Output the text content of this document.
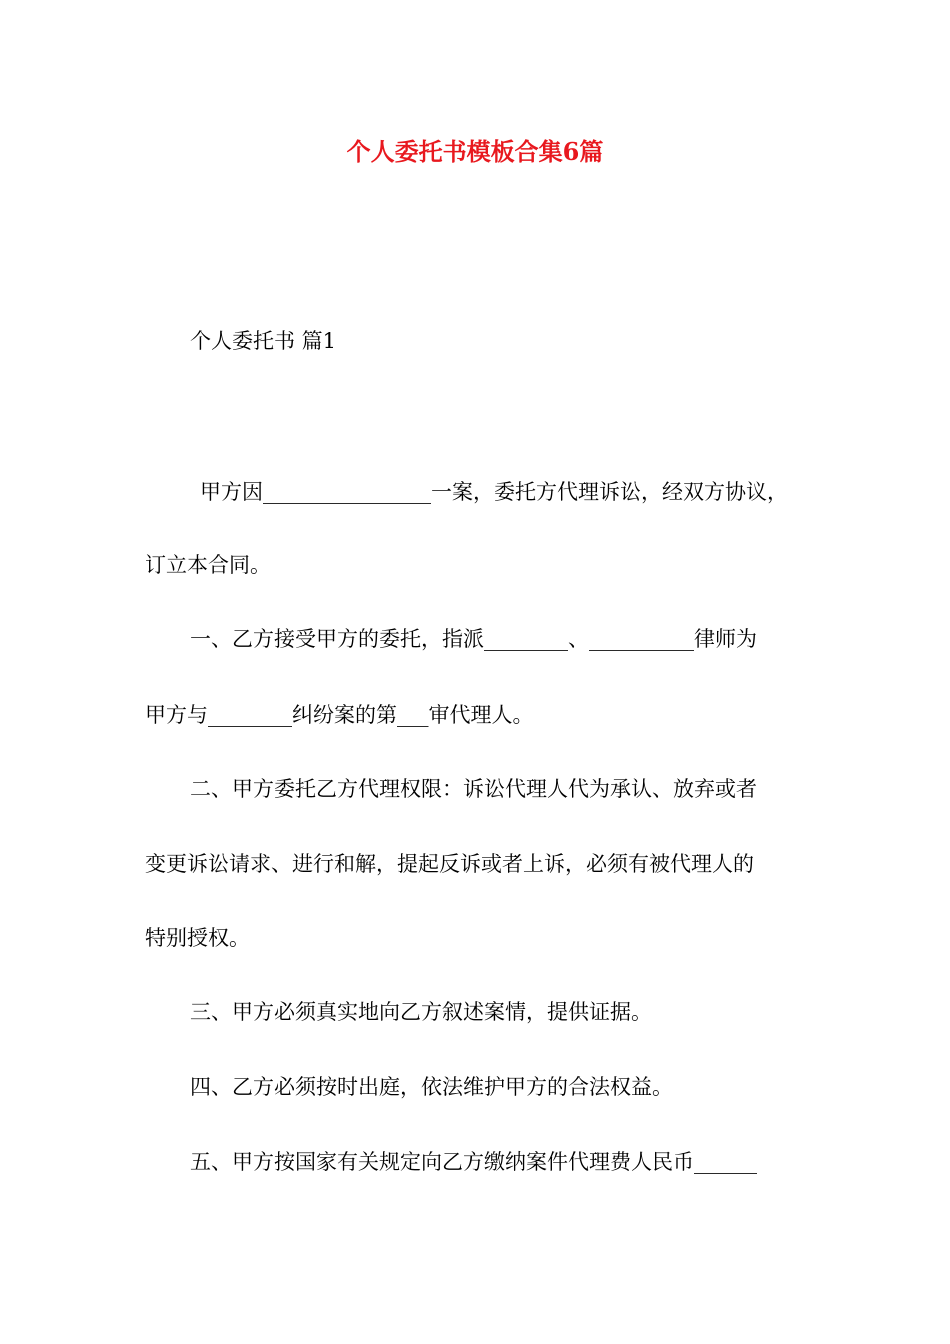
个人委托书模板合集6篇
个人委托书 篇1
甲方因________________一案，委托方代理诉讼，经双方协议，
订立本合同。
一、乙方接受甲方的委托，指派________、__________律师为
甲方与________纠纷案的第___审代理人。
二、甲方委托乙方代理权限：诉讼代理人代为承认、放弃或者
变更诉讼请求、进行和解，提起反诉或者上诉，必须有被代理人的
特别授权。
三、甲方必须真实地向乙方叙述案情，提供证据。
四、乙方必须按时出庭，依法维护甲方的合法权益。
五、甲方按国家有关规定向乙方缴纳案件代理费人民币______
